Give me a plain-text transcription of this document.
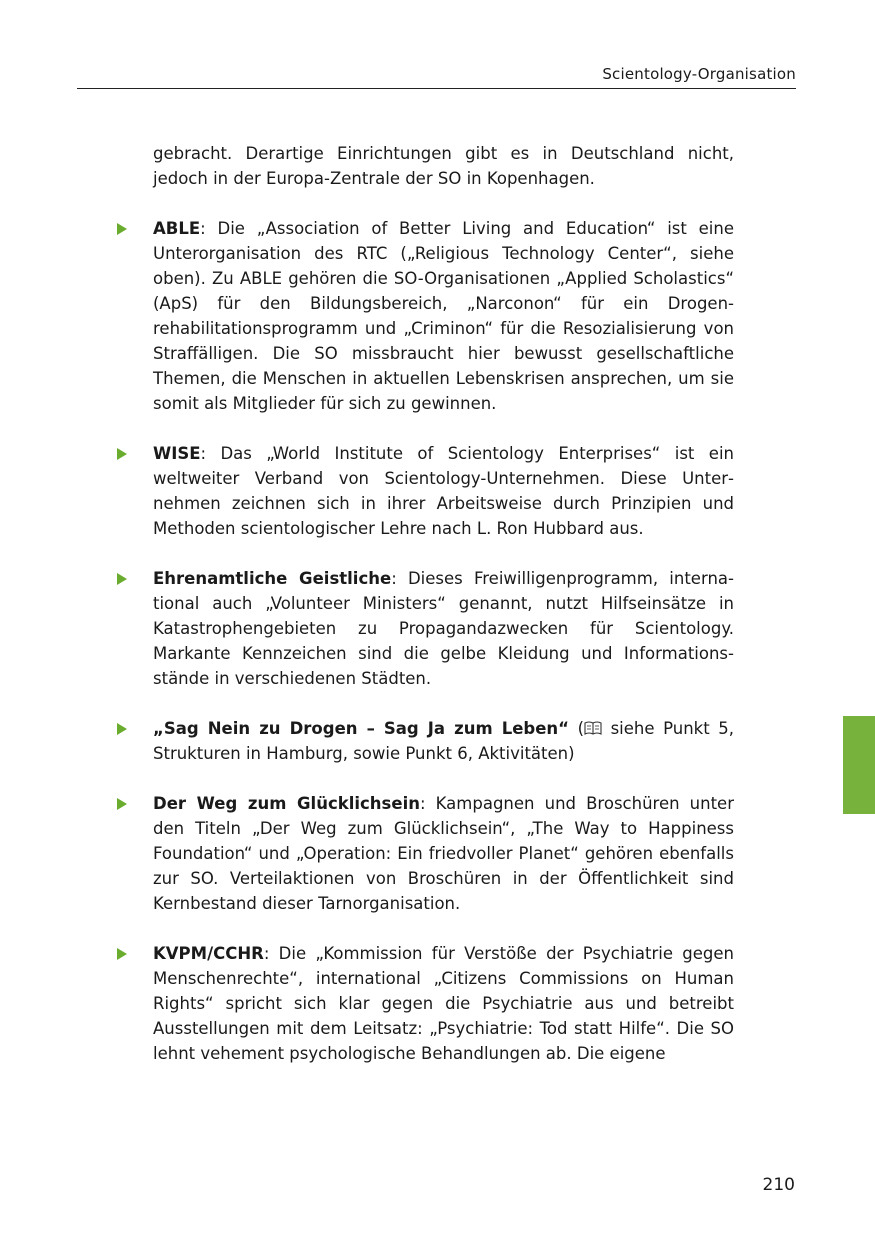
Scientology-Organisation

gebracht. Derartige Einrichtungen gibt es in Deutschland nicht, jedoch in der Europa-Zentrale der SO in Kopenhagen.

ABLE: Die „Association of Better Living and Education“ ist eine Unterorganisation des RTC („Religious Technology Center“, siehe oben). Zu ABLE gehören die SO-Organisationen „Applied Scholastics“ (ApS) für den Bildungsbereich, „Narconon“ für ein Drogenrehabilitationsprogramm und „Criminon“ für die Resozialisierung von Straffälligen. Die SO missbraucht hier bewusst gesellschaftliche Themen, die Menschen in aktuellen Lebenskrisen ansprechen, um sie somit als Mitglieder für sich zu gewinnen.
WISE: Das „World Institute of Scientology Enterprises“ ist ein weltweiter Verband von Scientology-Unternehmen. Diese Unternehmen zeichnen sich in ihrer Arbeitsweise durch Prinzipien und Methoden scientologischer Lehre nach L. Ron Hubbard aus.
Ehrenamtliche Geistliche: Dieses Freiwilligenprogramm, international auch „Volunteer Ministers“ genannt, nutzt Hilfseinsätze in Katastrophengebieten zu Propagandazwecken für Scientology. Markante Kennzeichen sind die gelbe Kleidung und Informationsstände in verschiedenen Städten.
„Sag Nein zu Drogen – Sag Ja zum Leben“ ( siehe Punkt 5, Strukturen in Hamburg, sowie Punkt 6, Aktivitäten)
Der Weg zum Glücklichsein: Kampagnen und Broschüren unter den Titeln „Der Weg zum Glücklichsein“, „The Way to Happiness Foundation“ und „Operation: Ein friedvoller Planet“ gehören ebenfalls zur SO. Verteilaktionen von Broschüren in der Öffentlichkeit sind Kernbestand dieser Tarnorganisation.
KVPM/CCHR: Die „Kommission für Verstöße der Psychiatrie gegen Menschenrechte“, international „Citizens Commissions on Human Rights“ spricht sich klar gegen die Psychiatrie aus und betreibt Ausstellungen mit dem Leitsatz: „Psychiatrie: Tod statt Hilfe“. Die SO lehnt vehement psychologische Behandlungen ab. Die eigene
210
